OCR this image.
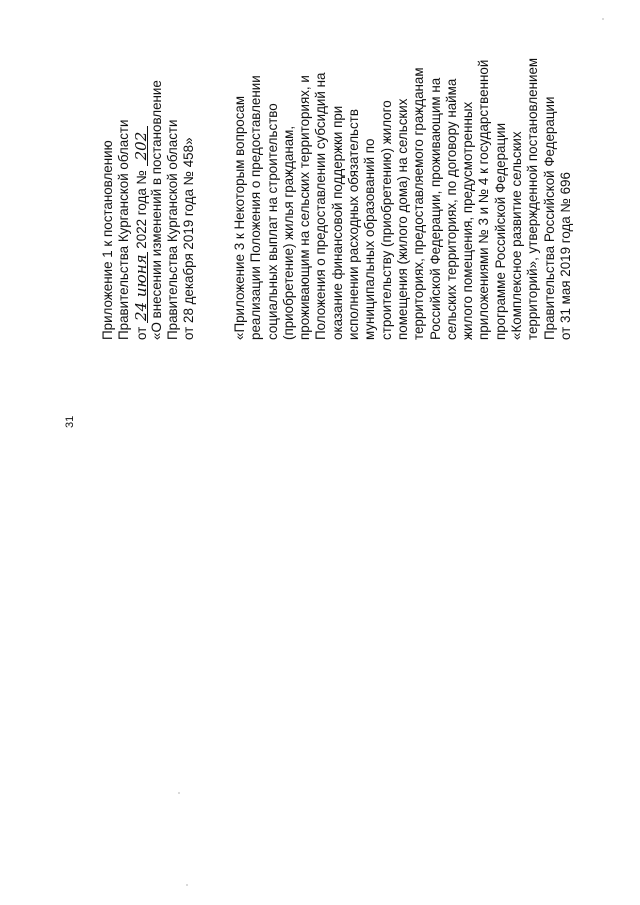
31
Приложение 1 к постановлению Правительства Курганской области от 24 июня 2022 года № 202 «О внесении изменений в постановление Правительства Курганской области от 28 декабря 2019 года № 458»	«Приложение 3 к Некоторым вопросам реализации Положения о предоставлении социальных выплат на строительство (приобретение) жилья гражданам, проживающим на сельских территориях, и Положения о предоставлении субсидий на оказание финансовой поддержки при исполнении расходных обязательств муниципальных образований по строительству (приобретению) жилого помещения (жилого дома) на сельских территориях, предоставляемого гражданам Российской Федерации, проживающим на сельских территориях, по договору найма жилого помещения, предусмотренных приложениями № 3 и № 4 к государственной программе Российской Федерации «Комплексное развитие сельских территорий», утвержденной постановлением Правительства Российской Федерации от 31 мая 2019 года № 696
